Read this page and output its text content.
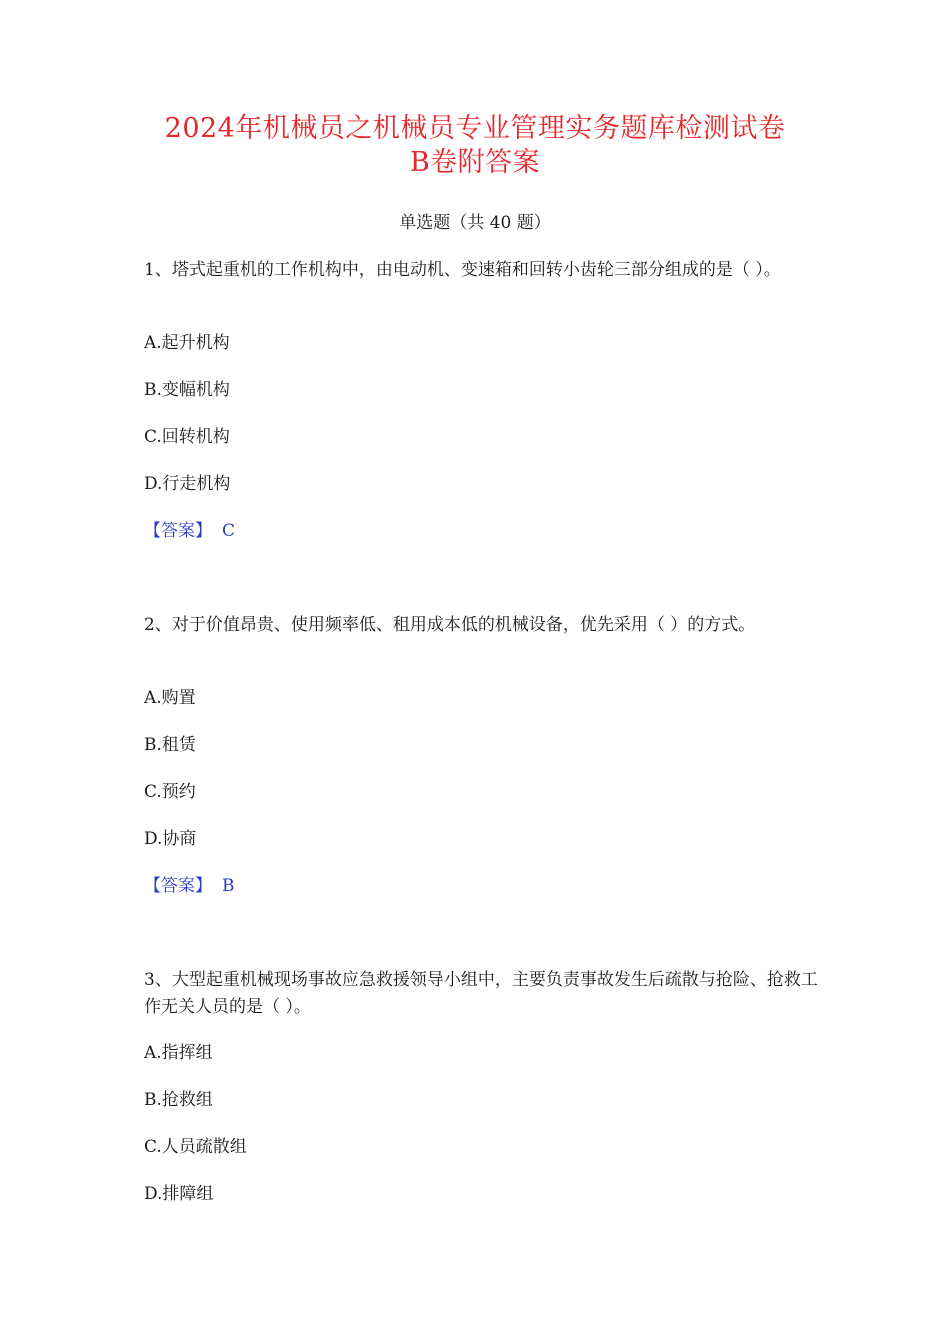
2024年机械员之机械员专业管理实务题库检测试卷
B卷附答案
单选题（共 40 题）
1、塔式起重机的工作机构中，由电动机、变速箱和回转小齿轮三部分组成的是（ ）。
A.起升机构
B.变幅机构
C.回转机构
D.行走机构
【答案】 C
2、对于价值昂贵、使用频率低、租用成本低的机械设备，优先采用（ ）的方式。
A.购置
B.租赁
C.预约
D.协商
【答案】 B
3、大型起重机械现场事故应急救援领导小组中，主要负责事故发生后疏散与抢险、抢救工作无关人员的是（ ）。
A.指挥组
B.抢救组
C.人员疏散组
D.排障组
